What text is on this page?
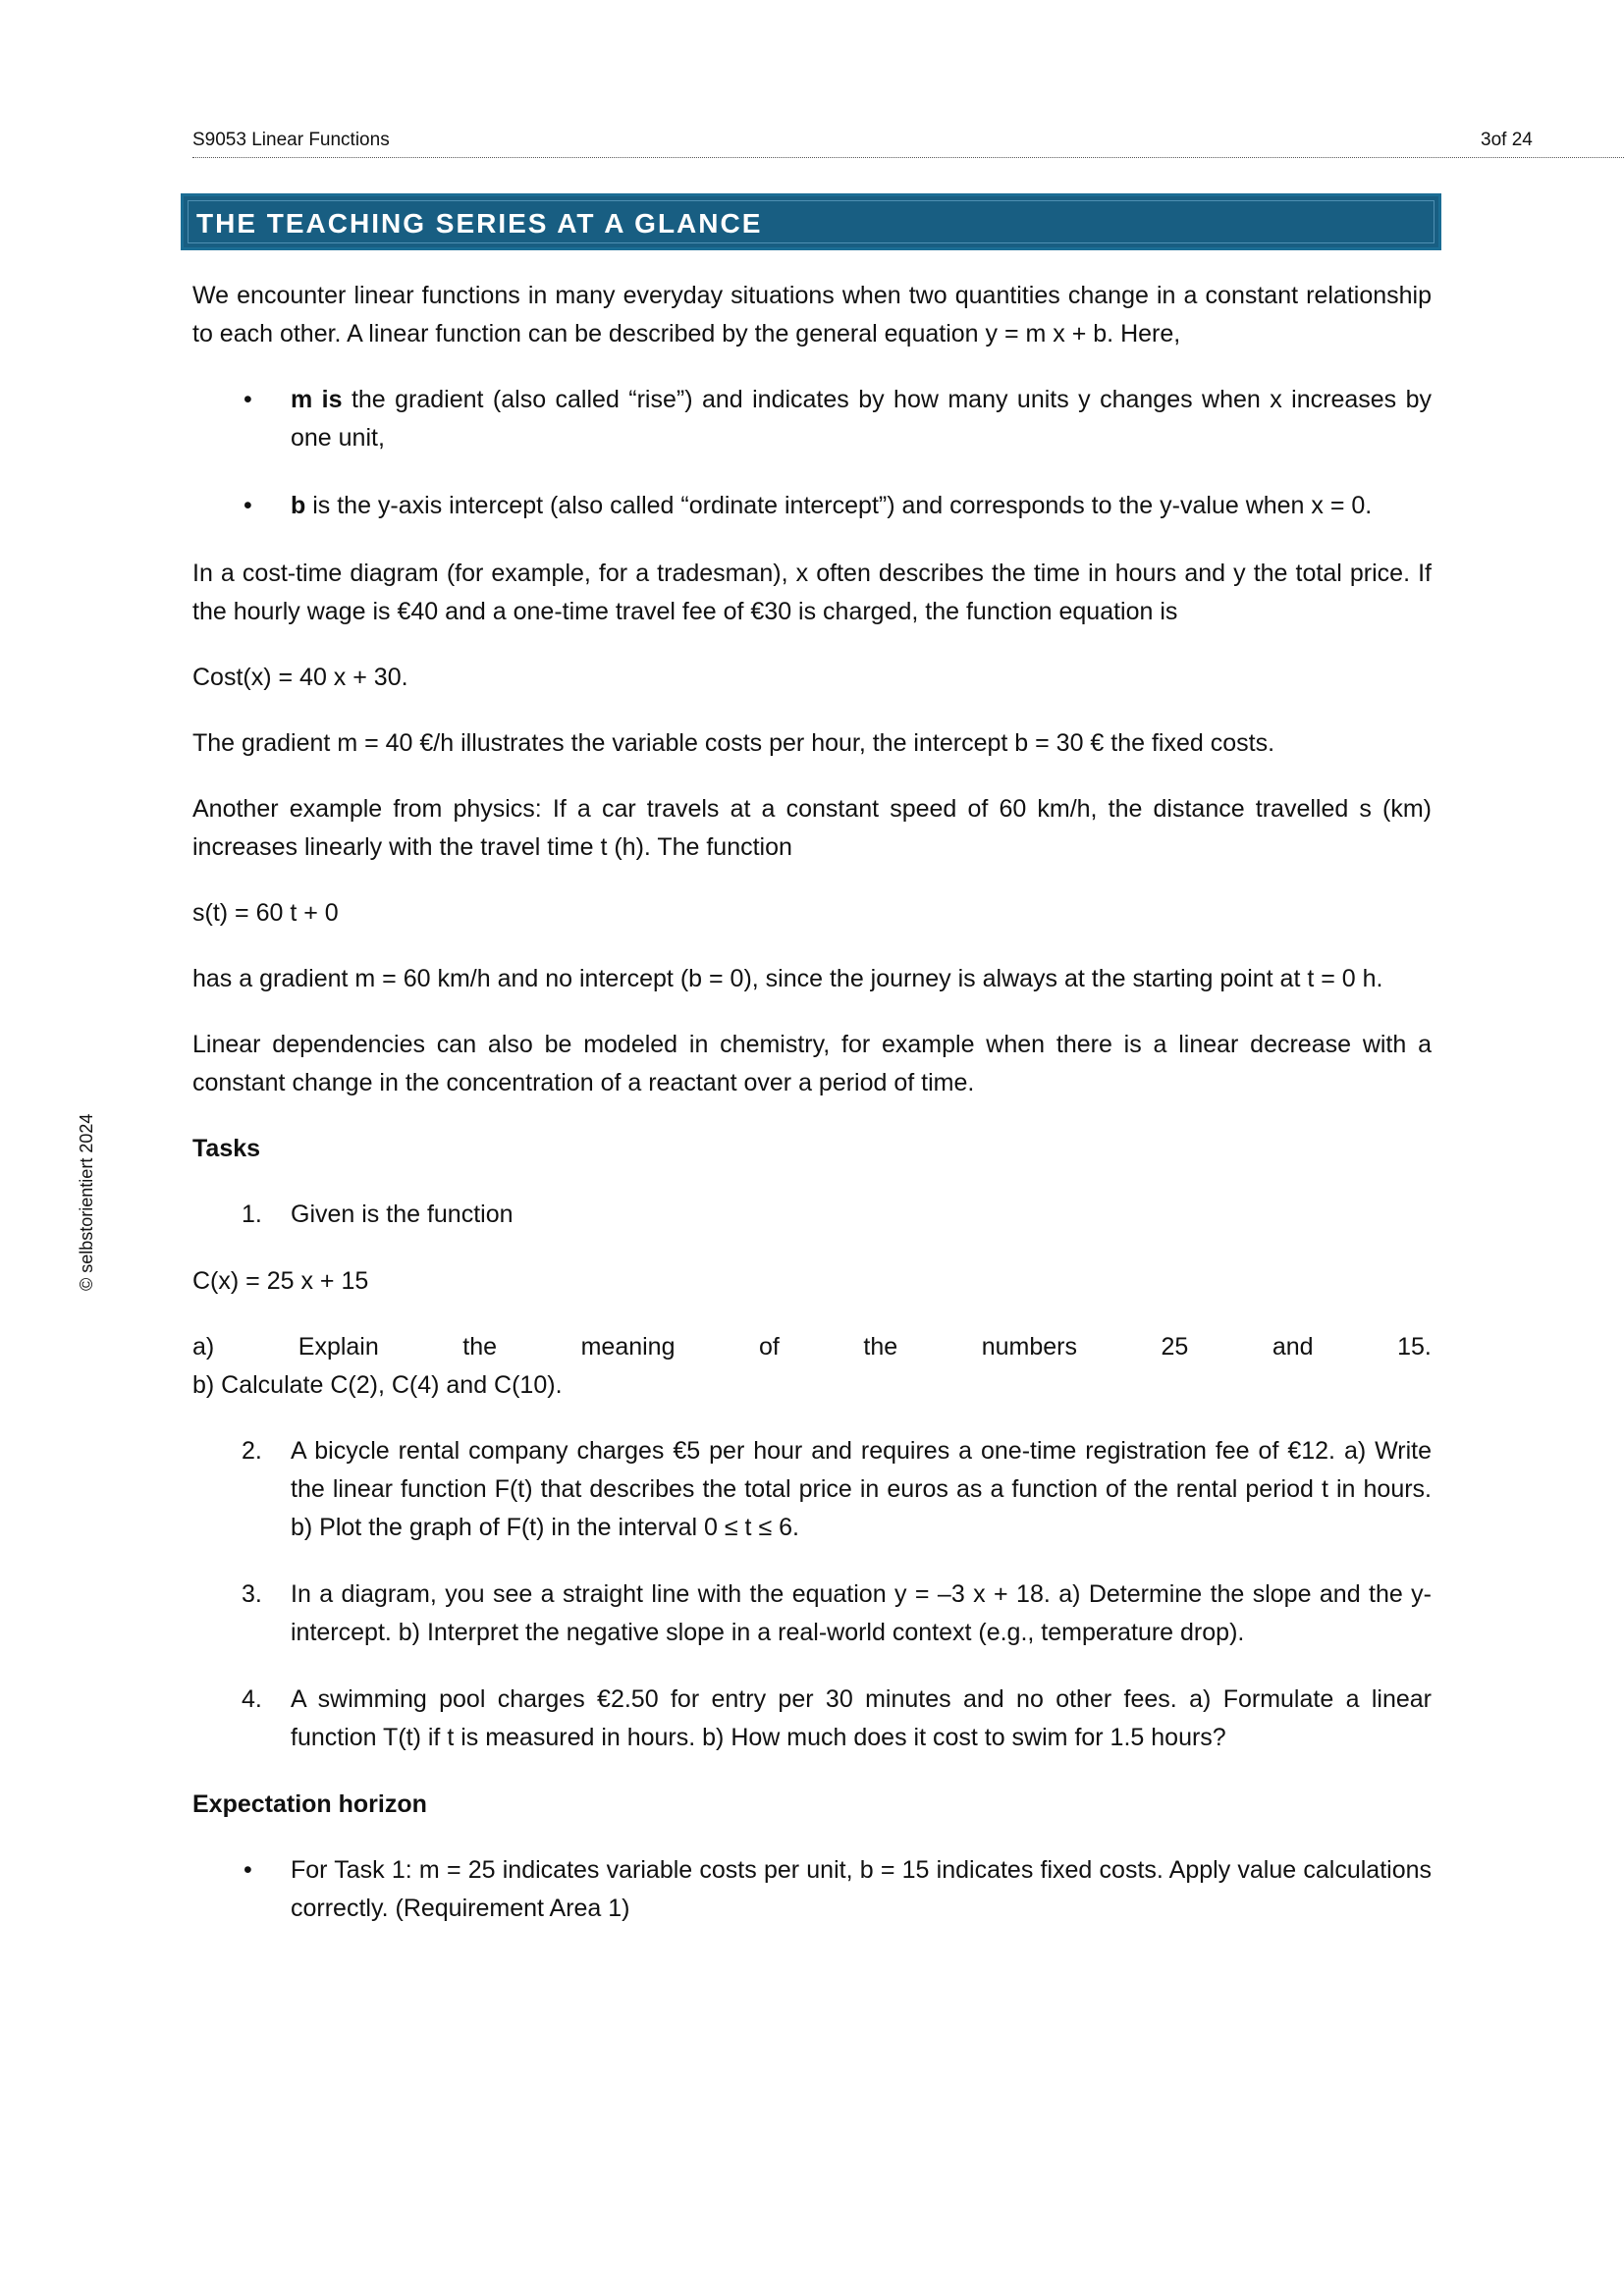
S9053 Linear Functions	3of 24
THE TEACHING SERIES AT A GLANCE
© selbstorientiert 2024

We encounter linear functions in many everyday situations when two quantities change in a constant relationship to each other. A linear function can be described by the general equation y = m x + b. Here,

• m is the gradient (also called “rise”) and indicates by how many units y changes when x increases by one unit,
• b is the y-axis intercept (also called “ordinate intercept”) and corresponds to the y-value when x = 0.

In a cost-time diagram (for example, for a tradesman), x often describes the time in hours and y the total price. If the hourly wage is €40 and a one-time travel fee of €30 is charged, the function equation is

Cost(x) = 40 x + 30.

The gradient m = 40 €/h illustrates the variable costs per hour, the intercept b = 30 € the fixed costs.

Another example from physics: If a car travels at a constant speed of 60 km/h, the distance travelled s (km) increases linearly with the travel time t (h). The function

s(t) = 60 t + 0

has a gradient m = 60 km/h and no intercept (b = 0), since the journey is always at the starting point at t = 0 h.

Linear dependencies can also be modeled in chemistry, for example when there is a linear decrease with a constant change in the concentration of a reactant over a period of time.

Tasks

1. Given is the function

C(x) = 25 x + 15

a)	Explain	the	meaning	of	the	numbers	25	and	15.
b) Calculate C(2), C(4) and C(10).
2. A bicycle rental company charges €5 per hour and requires a one-time registration fee of €12. a) Write the linear function F(t) that describes the total price in euros as a function of the rental period t in hours. b) Plot the graph of F(t) in the interval 0 ≤ t ≤ 6.
3. In a diagram, you see a straight line with the equation y = –3 x + 18. a) Determine the slope and the y-intercept. b) Interpret the negative slope in a real-world context (e.g., temperature drop).
4. A swimming pool charges €2.50 for entry per 30 minutes and no other fees. a) Formulate a linear function T(t) if t is measured in hours. b) How much does it cost to swim for 1.5 hours?

Expectation horizon

• For Task 1: m = 25 indicates variable costs per unit, b = 15 indicates fixed costs. Apply value calculations correctly. (Requirement Area 1)
